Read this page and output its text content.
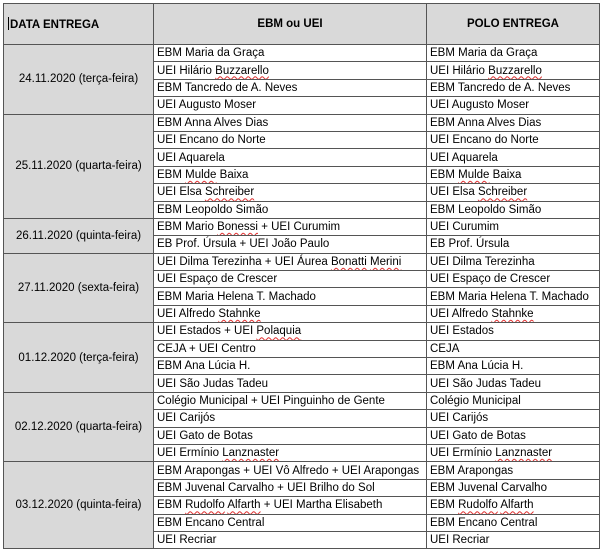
DATA ENTREGA	EBM ou UEI	POLO ENTREGA
24.11.2020 (terça-feira)	EBM Maria da Graça	EBM Maria da Graça
	UEI Hilário Buzzarello	UEI Hilário Buzzarello
	EBM Tancredo de A. Neves	EBM Tancredo de A. Neves
	UEI Augusto Moser	UEI Augusto Moser
25.11.2020 (quarta-feira)	EBM Anna Alves Dias	EBM Anna Alves Dias
	UEI Encano do Norte	UEI Encano do Norte
	UEI Aquarela	UEI Aquarela
	EBM Mulde Baixa	EBM Mulde Baixa
	UEI Elsa Schreiber	UEI Elsa Schreiber
	EBM Leopoldo Simão	EBM Leopoldo Simão
26.11.2020 (quinta-feira)	EBM Mario Bonessi + UEI Curumim	UEI Curumim
	EB Prof. Úrsula + UEI João Paulo	EB Prof. Úrsula
27.11.2020 (sexta-feira)	UEI Dilma Terezinha + UEI Áurea Bonatti Merini	UEI Dilma Terezinha
	UEI Espaço de Crescer	UEI Espaço de Crescer
	EBM Maria Helena T. Machado	EBM Maria Helena T. Machado
	UEI Alfredo Stahnke	UEI Alfredo Stahnke
01.12.2020 (terça-feira)	UEI Estados + UEI Polaquia	UEI Estados
	CEJA + UEI Centro	CEJA
	EBM Ana Lúcia H.	EBM Ana Lúcia H.
	UEI São Judas Tadeu	UEI São Judas Tadeu
02.12.2020 (quarta-feira)	Colégio Municipal + UEI Pinguinho de Gente	Colégio Municipal
	UEI Carijós	UEI Carijós
	UEI Gato de Botas	UEI Gato de Botas
	UEI Ermínio Lanznaster	UEI Ermínio Lanznaster
03.12.2020 (quinta-feira)	EBM Arapongas + UEI Vô Alfredo + UEI Arapongas	EBM Arapongas
	EBM Juvenal Carvalho + UEI Brilho do Sol	EBM Juvenal Carvalho
	EBM Rudolfo Alfarth + UEI Martha Elisabeth	EBM Rudolfo Alfarth
	EBM Encano Central	EBM Encano Central
	UEI Recriar	UEI Recriar
